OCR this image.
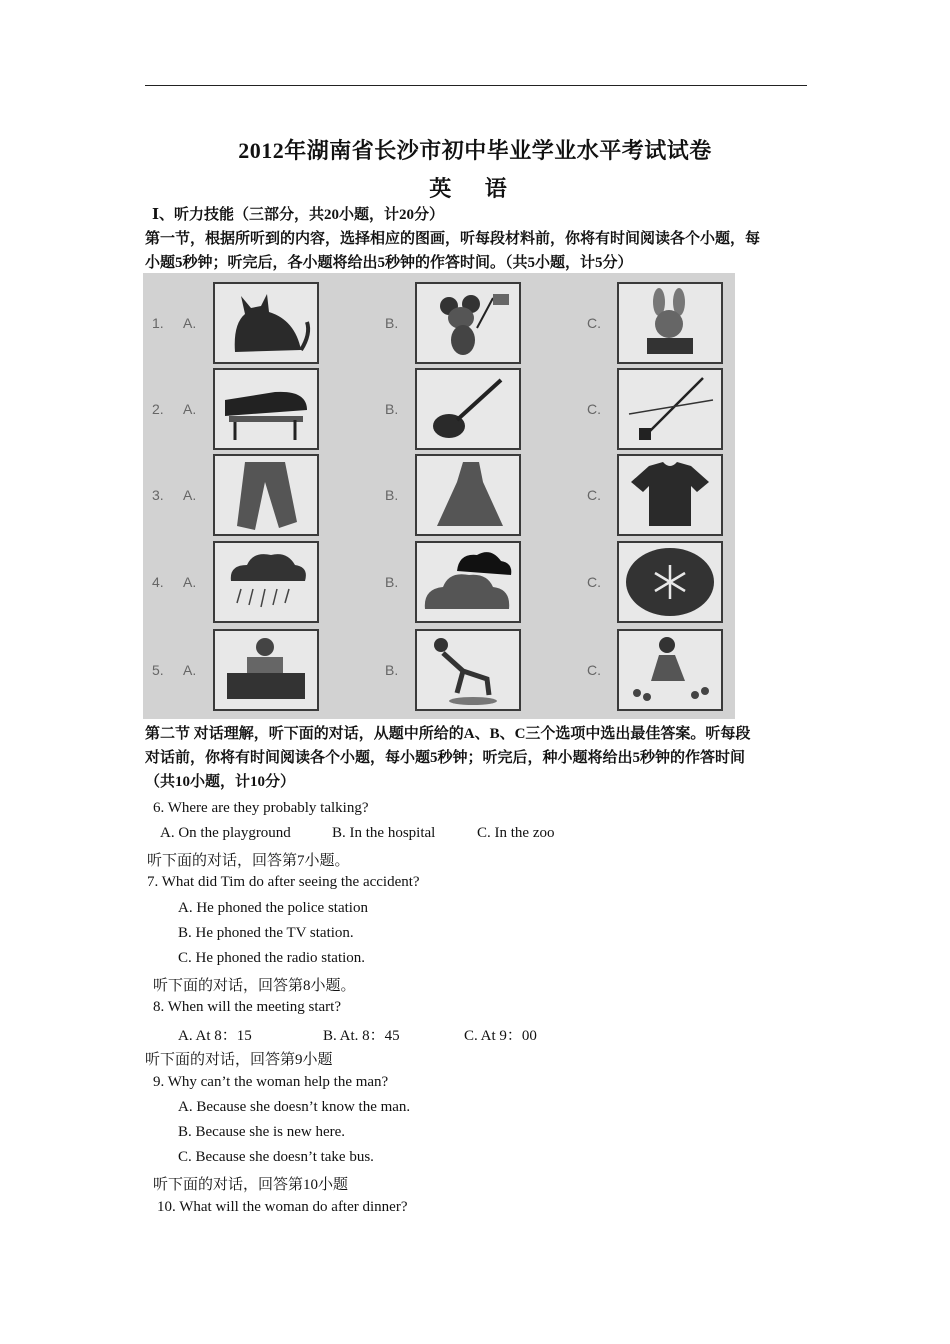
2012年湖南省长沙市初中毕业学业水平考试试卷
英 语
Ⅰ、听力技能（三部分，共20小题，计20分）
第一节，根据所听到的内容，选择相应的图画，听每段材料前，你将有时间阅读各个小题，每
小题5秒钟；听完后，各小题将给出5秒钟的作答时间。（共5小题，计5分）
1. A.	B.	C.
2. A.	B.	C.
3. A.	B.	C.
4. A.	B.	C.
5. A.	B.	C.
第二节 对话理解，听下面的对话，从题中所给的A、B、C三个选项中选出最佳答案。听每段
对话前，你将有时间阅读各个小题，每小题5秒钟；听完后，种小题将给出5秒钟的作答时间
（共10小题，计10分）
6. Where are they probably talking?
A. On the playground	B. In the hospital	C. In the zoo
听下面的对话，回答第7小题。
7. What did Tim do after seeing the accident?
A. He phoned the police station
B. He phoned the TV station.
C. He phoned the radio station.
听下面的对话，回答第8小题。
8. When will the meeting start?
A. At 8：15	B. At. 8：45	C. At 9：00
听下面的对话，回答第9小题
9. Why can’t the woman help the man?
A. Because she doesn’t know the man.
B. Because she is new here.
C. Because she doesn’t take bus.
听下面的对话，回答第10小题
10. What will the woman do after dinner?
